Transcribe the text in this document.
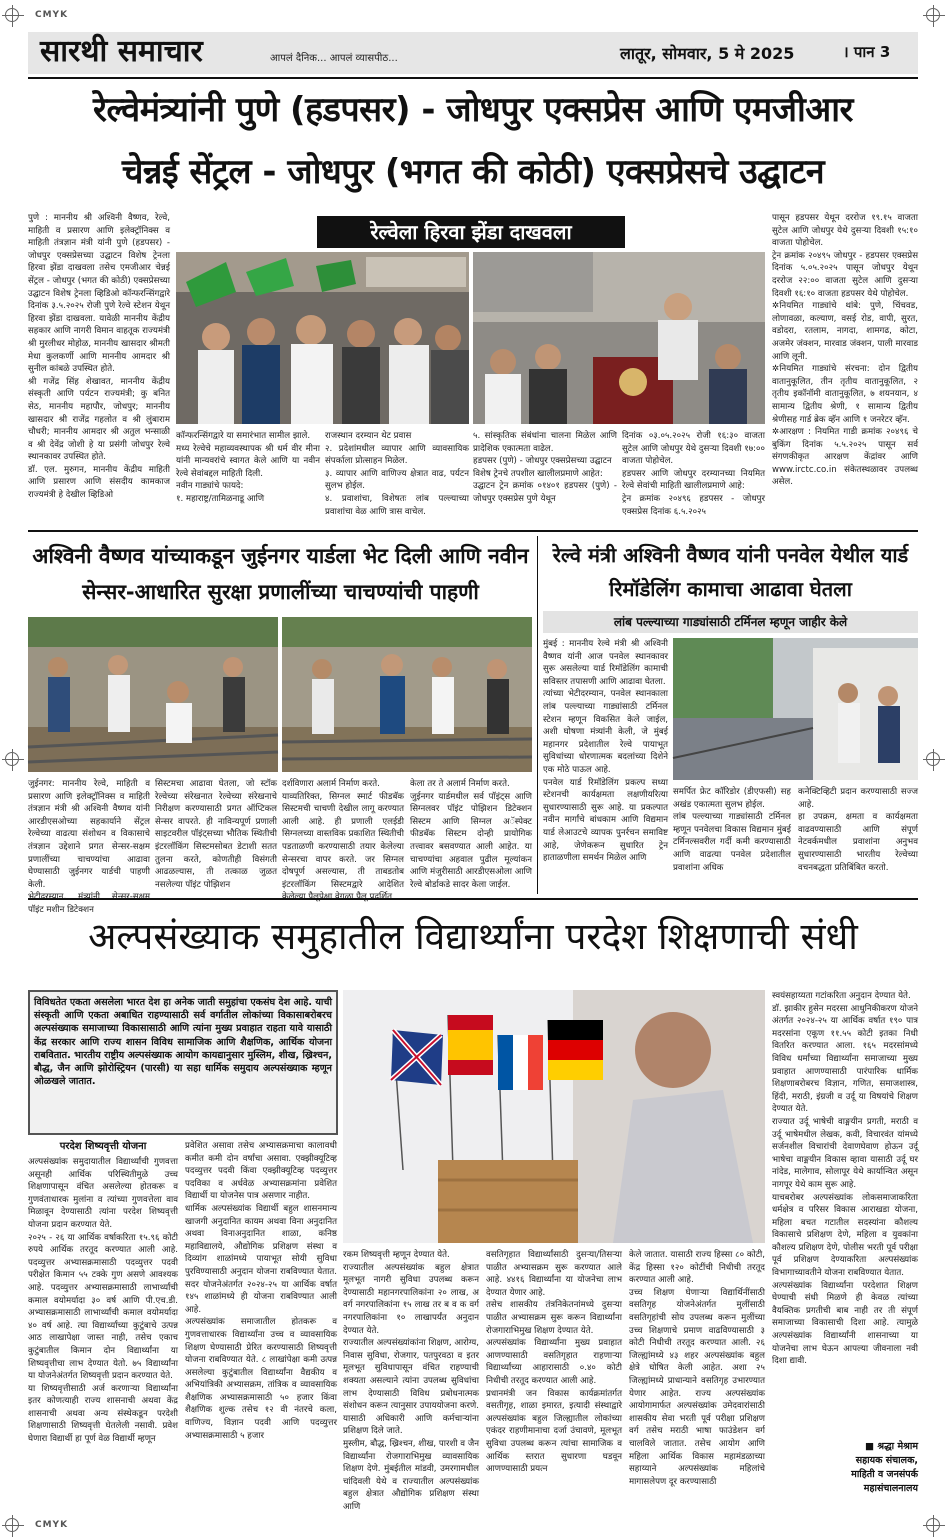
CMYK
CMYK
सारथी समाचार	आपलं दैनिक... आपलं व्यासपीठ...	लातूर, सोमवार, 5 मे 2025	। पान 3
रेल्वेमंत्र्यांनी पुणे (हडपसर) - जोधपुर एक्सप्रेस आणि एमजीआर
चेन्नई सेंट्रल - जोधपुर (भगत की कोठी) एक्सप्रेसचे उद्घाटन
पुणे : माननीय श्री अश्विनी वैष्णव, रेल्वे, माहिती व प्रसारण आणि इलेक्ट्रॉनिक्स व माहिती तंत्रज्ञान मंत्री यांनी पुणे (हडपसर) - जोधपुर एक्सप्रेसच्या उद्घाटन विशेष ट्रेनला हिरवा झेंडा दाखवला तसेच एमजीआर चेन्नई सेंट्रल - जोधपुर (भगत की कोठी) एक्सप्रेसच्या उद्घाटन विशेष ट्रेनला व्हिडिओ कॉन्फरन्सिंगद्वारे दिनांक ३.५.२०२५ रोजी पुणे रेल्वे स्टेशन येथून हिरवा झेंडा दाखवला. यावेळी माननीय केंद्रीय सहकार आणि नागरी विमान वाहतूक राज्यमंत्री श्री मुरलीधर मोहोळ, माननीय खासदार श्रीमती मेधा कुलकर्णी आणि माननीय आमदार श्री सुनील कांबळे उपस्थित होते.
श्री गजेंद्र सिंह शेखावत, माननीय केंद्रीय संस्कृती आणि पर्यटन राज्यमंत्री; कु बनित सेठ, माननीय महापौर, जोधपुर; माननीय खासदार श्री राजेंद्र गहलोत व श्री लुंबाराम चौधरी; माननीय आमदार श्री अतुल भन्साळी व श्री देवेंद्र जोशी हे या प्रसंगी जोधपुर रेल्वे स्थानकावर उपस्थित होते.
डॉ. एल. मुरुगन, माननीय केंद्रीय माहिती आणि प्रसारण आणि संसदीय कामकाज राज्यमंत्री हे देखील व्हिडिओ
रेल्वेला हिरवा झेंडा दाखवला
कॉन्फरन्सिंगद्वारे या समारंभात सामील झाले.
मध्य रेल्वेचे महाव्यवस्थापक श्री धर्म वीर मीना यांनी मान्यवरांचे स्वागत केले आणि या नवीन रेल्वे सेवांबद्दल माहिती दिली.
नवीन गाड्यांचे फायदे:
१. महाराष्ट्र/तामिळनाडू आणि
राजस्थान दरम्यान थेट प्रवास
२. प्रदेशांमधील व्यापार आणि व्यावसायिक संपर्काला प्रोत्साहन मिळेल.
३. व्यापार आणि वाणिज्य क्षेत्रात वाढ, पर्यटन सुलभ होईल.
४. प्रवाशांचा, विशेषतः लांब पल्ल्याच्या प्रवाशांचा वेळ आणि त्रास वाचेल.
५. सांस्कृतिक संबंधांना चालना मिळेल आणि प्रादेशिक एकात्मता वाढेल.
हडपसर (पुणे) - जोधपुर एक्सप्रेसच्या उद्घाटन
विशेष ट्रेनचे तपशील खालीलप्रमाणे आहेत:
उद्घाटन ट्रेन क्रमांक ०१४०१ हडपसर (पुणे) - जोधपुर एक्सप्रेस पुणे येथून
दिनांक ०३.०५.२०२५ रोजी १६:३० वाजता सुटेल आणि जोधपुर येथे दुसऱ्या दिवशी १७:०० वाजता पोहोचेल.
हडपसर आणि जोधपुर दरम्यानच्या नियमित रेल्वे सेवांची माहिती खालीलप्रमाणे आहे:
ट्रेन क्रमांक २०४९६ हडपसर - जोधपुर एक्सप्रेस दिनांक ६.५.२०२५
पासून हडपसर येथून दररोज १९.१५ वाजता सुटेल आणि जोधपुर येथे दुसऱ्या दिवशी १५:१० वाजता पोहोचेल.
ट्रेन क्रमांक २०४९५ जोधपुर - हडपसर एक्सप्रेस दिनांक ५.०५.२०२५ पासून जोधपुर येथून दररोज २२:०० वाजता सुटेल आणि दुसऱ्या दिवशी १६:१० वाजता हडपसर येथे पोहोचेल.
✲नियमित गाड्यांचे थांबे: पुणे, चिंचवड, लोणावळा, कल्याण, वसई रोड, वापी, सुरत, वडोदरा, रतलाम, नागदा, शामगढ, कोटा, अजमेर जंक्शन, मारवाड जंक्शन, पाली मारवाड आणि लूनी.
✲नियमित गाड्यांचे संरचना: दोन द्वितीय वातानुकूलित, तीन तृतीय वातानुकूलित, २ तृतीय इकॉनॉमी वातानुकूलित, ७ शयनयान, ४ सामान्य द्वितीय श्रेणी, १ सामान्य द्वितीय श्रेणीसह गार्ड ब्रेक व्हॅन आणि १ जनरेटर व्हॅन.
✲आरक्षण : नियमित गाडी क्रमांक २०४९६ चे बुकिंग दिनांक ५.५.२०२५ पासून सर्व संगणकीकृत आरक्षण केंद्रांवर आणि www.irctc.co.in संकेतस्थळावर उपलब्ध असेल.
अश्विनी वैष्णव यांच्याकडून जुईनगर यार्डला भेट दिली आणि नवीन सेन्सर-आधारित सुरक्षा प्रणालींच्या चाचण्यांची पाहणी
जुईनगर: माननीय रेल्वे, माहिती व प्रसारण आणि इलेक्ट्रॉनिक्स व माहिती तंत्रज्ञान मंत्री श्री अश्विनी वैष्णव यांनी आरडीएसओच्या सहकार्याने सेंट्रल रेल्वेच्या वाढत्या संशोधन व विकासाचे तंत्रज्ञान उद्देशाने प्रगत सेन्सर-सक्षम प्रणालींच्या चाचण्यांचा आढावा घेण्यासाठी जुईनगर यार्डची पाहणी केली.
पॉइंट मशीन डिटेक्शन
सिस्टमचा आढावा घेतला, जो स्टॉक रेल्वेच्या संरेखनात रेल्वेच्या संरेखनाचे निरीक्षण करण्यासाठी प्रगत ऑप्टिकल सेन्सर वापरते. ही नाविन्यपूर्ण प्रणाली साइटवरील पॉइंट्सच्या भौतिक स्थितीची इंटरलॉकिंग सिस्टमसोबत डेटाशी सतत तुलना करते, कोणतीही विसंगती आढळल्यास, ती तत्काळ जुळत नसलेल्या पॉइंट पोझिशन
दर्शविणारा अलार्म निर्माण करते.
याव्यतिरिक्त, सिग्नल स्मार्ट फीडबॅक सिस्टमची चाचणी देखील लागू करण्यात आली आहे. ही प्रणाली एलईडी सिग्नलच्या वास्तविक प्रकाशित स्थितीची पडताळणी करण्यासाठी तयार केलेल्या सेन्सरचा वापर करते. जर सिग्नल दोषपूर्ण असल्यास, ती ताबडतोब इंटरलॉकिंग सिस्टमद्वारे आदेशित
केला तर ते अलार्म निर्माण करते.
जुईनगर यार्डमधील सर्व पॉइंट्स आणि सिग्नलवर पॉइंट पोझिशन डिटेक्शन सिस्टम आणि सिग्नल अॅस्पेक्ट फीडबॅक सिस्टम दोन्ही प्रायोगिक तत्त्वावर बसवण्यात आली आहेत. या चाचण्यांचा अहवाल पुढील मूल्यांकन आणि मंजुरीसाठी आरडीएसओला आणि रेल्वे बोर्डाकडे सादर केला जाईल.
रेल्वे मंत्री अश्विनी वैष्णव यांनी पनवेल येथील यार्ड रिमॉडेलिंग कामाचा आढावा घेतला
लांब पल्ल्याच्या गाड्यांसाठी टर्मिनल म्हणून जाहीर केले
मुंबई : माननीय रेल्वे मंत्री श्री अश्विनी वैष्णव यांनी आज पनवेल स्थानकावर सुरू असलेल्या यार्ड रिमॉडेलिंग कामाची सविस्तर तपासणी आणि आढावा घेतला.
त्यांच्या भेटीदरम्यान, पनवेल स्थानकाला लांब पल्ल्याच्या गाड्यांसाठी टर्मिनल स्टेशन म्हणून विकसित केले जाईल, अशी घोषणा मंत्र्यांनी केली, जे मुंबई महानगर प्रदेशातील रेल्वे पायाभूत सुविधांच्या धोरणात्मक बदलांच्या दिशेने एक मोठे पाऊल आहे.
पनवेल यार्ड रिमॉडेलिंग प्रकल्प सध्या स्टेशनची कार्यक्षमता लक्षणीयरित्या सुधारण्यासाठी सुरू आहे. या प्रकल्पात नवीन मार्गांचे बांधकाम आणि विद्यमान यार्ड लेआउटचे व्यापक पुनर्रचन समाविष्ट आहे, जेणेकरून सुधारित ट्रेन हाताळणीला समर्थन मिळेल आणि
समर्पित फ्रेट कॉरिडोर (डीएफसी) सह अखंड एकात्मता सुलभ होईल.
लांब पल्ल्याच्या गाड्यांसाठी टर्मिनल म्हणून पनवेलचा विकास विद्यमान मुंबई टर्मिनल्सवरील गर्दी कमी करण्यासाठी आणि वाढत्या पनवेल प्रदेशातील प्रवाशांना अधिक
कनेक्टिव्हिटी प्रदान करण्यासाठी सज्ज आहे.
हा उपक्रम, क्षमता व कार्यक्षमता वाढवण्यासाठी आणि संपूर्ण नेटवर्कमधील प्रवाशांना अनुभव सुधारण्यासाठी भारतीय रेल्वेच्या वचनबद्धता प्रतिबिंबित करतो.
अल्पसंख्याक समुहातील विद्यार्थ्यांना परदेश शिक्षणाची संधी
विविधतेत एकता असलेला भारत देश हा अनेक जाती समुहांचा एकसंघ देश आहे. याची संस्कृती आणि एकता अबाधित राहण्यासाठी सर्व वर्गातील लोकांच्या विकासाबरोबरच अल्पसंख्याक समाजाच्या विकासासाठी आणि त्यांना मुख्य प्रवाहात राहता यावे यासाठी केंद्र सरकार आणि राज्य शासन विविध सामाजिक आणि शैक्षणिक, आर्थिक योजना राबवितात. भारतीय राष्ट्रीय अल्पसंख्याक आयोग कायद्यानुसार मुस्लिम, शीख, ख्रिश्चन, बौद्ध, जैन आणि झोरोस्ट्रियन (पारसी) या सहा धार्मिक समुदाय अल्पसंख्याक म्हणून ओळखले जातात.
परदेश शिष्यवृत्ती योजना
अल्पसंख्यांक समुदायातील विद्यार्थ्यांची गुणवत्ता असूनही आर्थिक परिस्थितीमुळे उच्च शिक्षणापासून वंचित असलेल्या होतकरू व गुणवंताधारक मुलांना व त्यांच्या गुणवत्तेला वाव मिळावून देण्यासाठी त्यांना परदेश शिष्यवृत्ती योजना प्रदान करण्यात येते.
२०२५ - २६ या आर्थिक वर्षाकरिता १५.९६ कोटी रुपये आर्थिक तरतूद करण्यात आली आहे. पदव्युत्तर अभ्यासक्रमासाठी पदव्युत्तर पदवी परीक्षेत किमान ५५ टक्के गुण असणे आवश्यक आहे. पदव्युत्तर अभ्यासक्रमासाठी लाभार्थ्यांची कमाल वयोमर्यादा ३० वर्ष आणि पी.एच.डी. अभ्यासक्रमासाठी लाभार्थ्यांची कमाल वयोमर्यादा ४० वर्ष आहे. त्या विद्यार्थ्यांच्या कुटुंबाचे उत्पन्न आठ लाखापेक्षा जास्त नाही, तसेच एकाच कुटुंबातील किमान दोन विद्यार्थ्यांना या शिष्यवृत्तीचा लाभ देण्यात येतो. ७५ विद्यार्थ्यांना या योजनेअंतर्गत शिष्यवृत्ती प्रदान करण्यात येते.
या शिष्यवृत्तीसाठी अर्ज करणाऱ्या विद्यार्थ्यांना इतर कोणत्याही राज्य शासनाची अथवा केंद्र शासनाची अथवा अन्य संस्थेकडून परदेशी शिक्षणासाठी शिष्यवृत्ती घेतलेली नसावी. प्रवेश घेणारा विद्यार्थी हा पूर्ण वेळ विद्यार्थी म्हणून
प्रवेशित असावा तसेच अभ्यासक्रमाचा कालावधी कमीत कमी दोन वर्षांचा असावा. एक्झीक्यूटिव्ह पदव्युत्तर पदवी किंवा एक्झीक्यूटिव्ह पदव्युत्तर पदविका व अर्धवेळ अभ्यासक्रमांना प्रवेशित विद्यार्थी या योजनेस पात्र असणार नाहीत.
धार्मिक अल्पसंख्यांक विद्यार्थी बहुल शासनमान्य खाजगी अनुदानित कायम अथवा विना अनुदानित अथवा विनाअनुदानित शाळा, कनिष्ठ महाविद्यालये, औद्योगिक प्रशिक्षण संस्था व दिव्यांग शाळांमध्ये पायाभूत सोयी सुविधा पुरविण्यासाठी अनुदान योजना राबविण्यात येतात. सदर योजनेअंतर्गत २०२४-२५ या आर्थिक वर्षात १४५ शाळांमध्ये ही योजना राबविण्यात आली आहे.
अल्पसंख्यांक समाजातील होतकरू व गुणवत्ताधारक विद्यार्थ्यांना उच्च व व्यावसायिक शिक्षण घेण्यासाठी प्रेरित करण्यासाठी शिष्यवृत्ती योजना राबविण्यात येते. ८ लाखांपेक्षा कमी उत्पन्न असलेल्या कुटुंबातील विद्यार्थ्यांना वैद्यकीय व अभियांत्रिकी अभ्यासक्रम, तांत्रिक व व्यावसायिक शैक्षणिक अभ्यासक्रमासाठी ५० हजार किंवा शैक्षणिक शुल्क तसेच १२ वी नंतरचे कला, वाणिज्य, विज्ञान पदवी आणि पदव्युत्तर अभ्यासक्रमासाठी ५ हजार
रकम शिष्यवृत्ती म्हणून देण्यात येते.
राज्यातील अल्पसंख्यांक बहुल क्षेत्रात मूलभूत नागरी सुविधा उपलब्ध करून देण्यासाठी महानगरपालिकांना २० लाख, अ वर्ग नगरपालिकांना १५ लाख तर ब व क वर्ग नगरपालिकांना १० लाखापर्यंत अनुदान देण्यात येते.
राज्यातील अल्पसंख्यांकांना शिक्षण, आरोग्य, निवास सुविधा, रोजगार, पतपुरवठा व इतर मूलभूत सुविधापासून वंचित राहण्याची शक्यता असल्याने त्यांना उपलब्ध सुविधांचा लाभ देण्यासाठी विविध प्रबोधनात्मक संशोधन करून त्यानुसार उपाययोजना करणे. यासाठी अधिकारी आणि कर्मचाऱ्यांना प्रशिक्षण दिले जाते.
मुस्लीम, बौद्ध, ख्रिश्चन, शीख, पारशी व जैन विद्यार्थ्यांना रोजगाराभिमुख व्यावसायिक शिक्षण देणे. मुंबईतील मांडवी, उमरगामधील चांदिवली येथे व राज्यातील अल्पसंख्यांक बहुल क्षेत्रात औद्योगिक प्रशिक्षण संस्था आणि
वसतिगृहात विद्यार्थ्यांसाठी दुसऱ्या/तिसऱ्या पाळीत अभ्यासक्रम सुरू करण्यात आले आहे. ४४१६ विद्यार्थ्यांना या योजनेचा लाभ देण्यात येणार आहे.
तसेच शासकीय तंत्रनिकेतनांमध्ये दुसऱ्या पाळीत अभ्यासक्रम सुरू करून विद्यार्थ्यांना रोजगाराभिमुख शिक्षण देण्यात येते.
अल्पसंख्यांक विद्यार्थ्यांना मुख्य प्रवाहात आणण्यासाठी वसतिगृहात राहणाऱ्या विद्यार्थ्यांच्या आहारासाठी ०.४० कोटी निधीची तरतूद करण्यात आली आहे.
प्रधानमंत्री जन विकास कार्यक्रमांतर्गत वसतीगृह, शाळा इमारत, इत्यादी संस्थाद्वारे अल्पसंख्यांक बहुल जिल्ह्यातील लोकांच्या एकंदर राहणीमानाचा दर्जा उंचावणे, मूलभूत सुविधा उपलब्ध करून त्यांचा सामाजिक व आर्थिक स्तरात सुधारणा घडवून आणण्यासाठी प्रयत्न
केले जातात. यासाठी राज्य हिस्सा ८० कोटी, केंद्र हिस्सा १२० कोटींची निधीची तरतूद करण्यात आली आहे.
उच्च शिक्षण घेणाऱ्या विद्यार्थिनींसाठी वसतिगृह योजनेअंतर्गत मुलींसाठी वसतिगृहांची सोय उपलब्ध करून मुलींच्या उच्च शिक्षणाचे प्रमाण वाढविण्यासाठी ३ कोटी निधीची तरतूद करण्यात आली. २६ जिल्ह्यांमध्ये ४३ शहर अल्पसंख्यांक बहुल क्षेत्रे घोषित केली आहेत. अशा २५ जिल्ह्यांमध्ये प्राधान्याने वसतिगृह उभारण्यात येणार आहेत. राज्य अल्पसंख्यांक आयोगामार्फत अल्पसंख्यांक उमेदवारांसाठी शासकीय सेवा भरती पूर्व परीक्षा प्रशिक्षण वर्ग तसेच मराठी भाषा फाउंडेशन वर्ग चालविले जातात. तसेच आयोग आणि महिला आर्थिक विकास महामंडळाच्या सहाय्याने अल्पसंख्यांक महिलांचे मागासलेपण दूर करण्यासाठी
स्वयंसहाय्यता गटांकरिता अनुदान देण्यात येते.
डॉ. झाकीर हुसेन मदरसा आधुनिकीकरण योजने अंतर्गत २०२४-२५ या आर्थिक वर्षात १९० पात्र मदरसांना एकूण ११.५५ कोटी इतका निधी वितरित करण्यात आला. १६५ मदरसांमध्ये विविध धर्मांच्या विद्यार्थ्यांना समाजाच्या मुख्य प्रवाहात आणण्यासाठी पारंपारिक धार्मिक शिक्षणाबरोबरच विज्ञान, गणित, समाजशास्त्र, हिंदी, मराठी, इंग्रजी व उर्दू या विषयांचे शिक्षण देण्यात येते.
राज्यात उर्दू भाषेची वाङ्मयीन प्रगती, मराठी व उर्दू भाषेमधील लेखक, कवी, विचारवंत यांमध्ये सर्जनशील विचारांची देवाणघेवाण होऊन उर्दू भाषेचा वाङ्मयीन विकास व्हावा यासाठी उर्दू घर नांदेड, मालेगाव, सोलापूर येथे कार्यान्वित असून नागपूर येथे काम सुरू आहे.
याचबरोबर अल्पसंख्यांक लोकसमाजाकरिता धर्मक्षेत्र व परिसर विकास आराखडा योजना, महिला बचत गटातील सदस्यांना कौशल्य विकासाचे प्रशिक्षण देणे, महिला व युवकांना कौशल्य प्रशिक्षण देणे, पोलीस भरती पूर्व परीक्षा पूर्व प्रशिक्षण देण्याकरिता अल्पसंख्यांक विभागाच्यावतीने योजना राबविण्यात येतात.
अल्पसंख्यांक विद्यार्थ्यांना परदेशात शिक्षण घेण्याची संधी मिळणे ही केवळ त्यांच्या वैयक्तिक प्रगतीची बाब नाही तर ती संपूर्ण समाजाच्या विकासाची दिशा आहे. त्यामुळे अल्पसंख्यांक विद्यार्थ्यांनी शासनाच्या या योजनेचा लाभ घेऊन आपल्या जीवनाला नवी दिशा द्यावी.
■ श्रद्धा मेश्राम
सहायक संचालक,
माहिती व जनसंपर्क
महासंचालनालय
